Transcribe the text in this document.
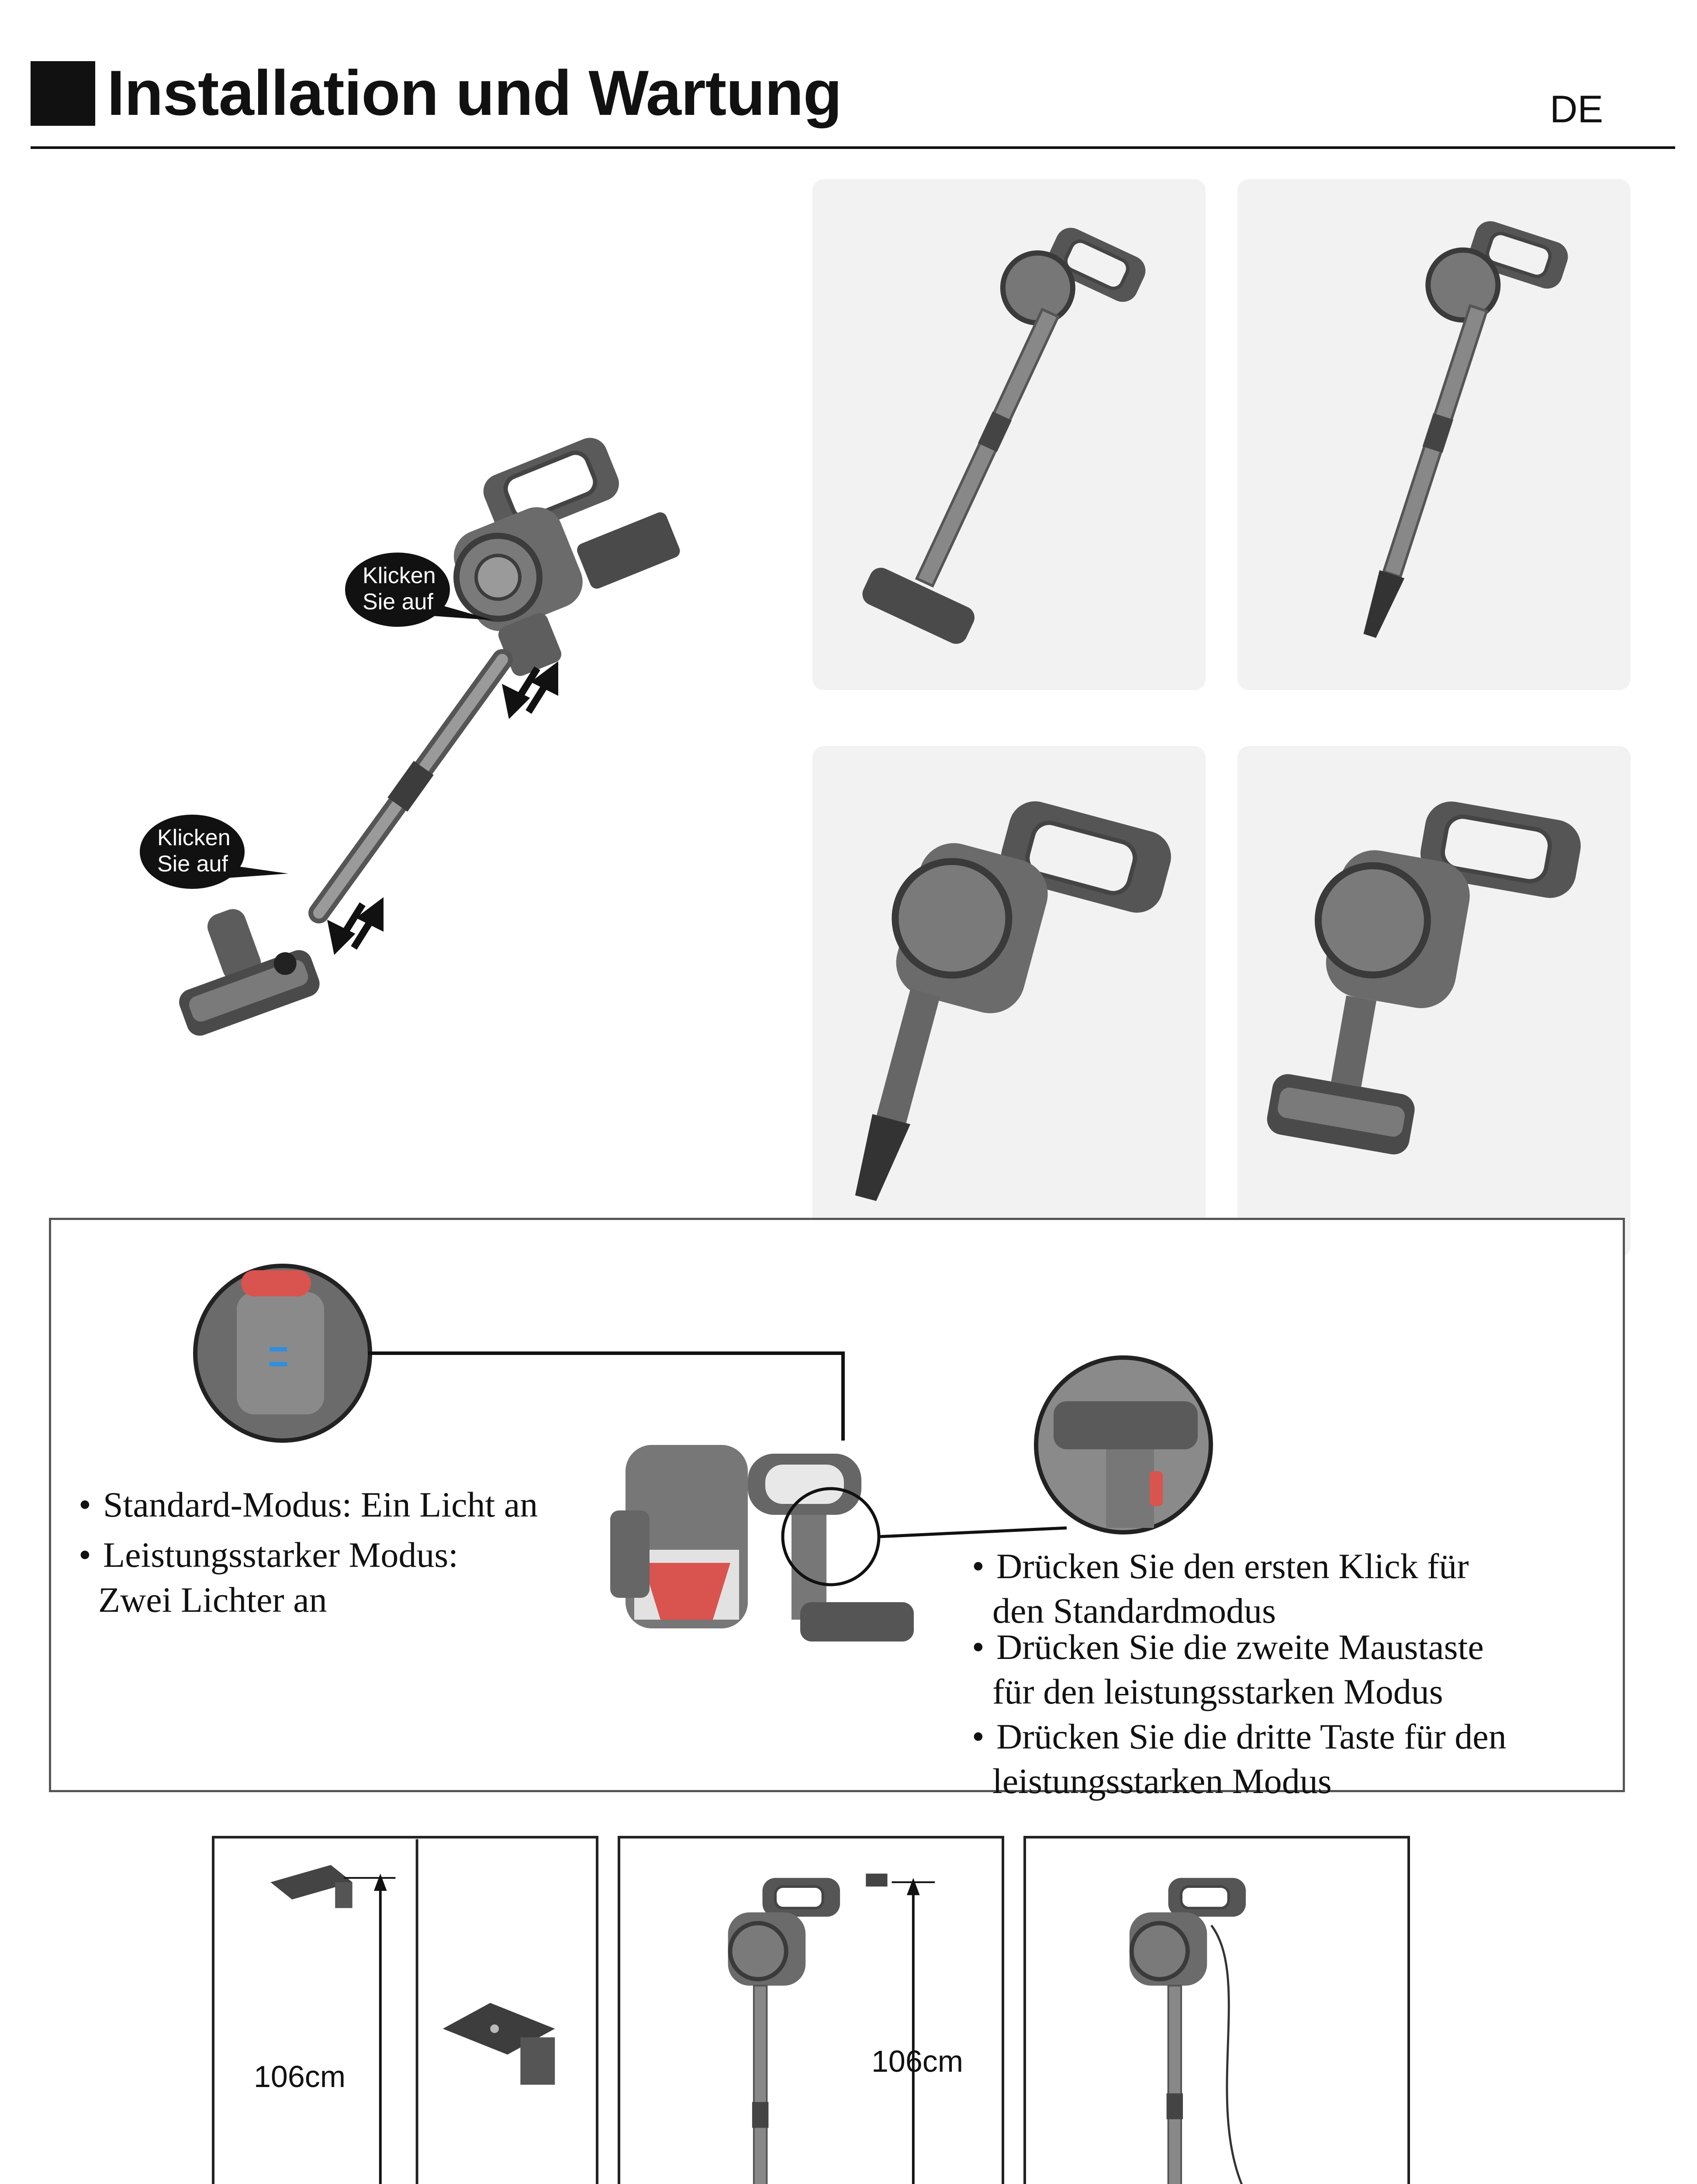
Installation und Wartung	DE
Klicken
Sie auf
Klicken
Sie auf
• Standard-Modus: Ein Licht an
• Leistungsstarker Modus:
Zwei Lichter an
• Drücken Sie den ersten Klick für
den Standardmodus
• Drücken Sie die zweite Maustaste
für den leistungsstarken Modus
• Drücken Sie die dritte Taste für den
leistungsstarken Modus
106cm	106cm
